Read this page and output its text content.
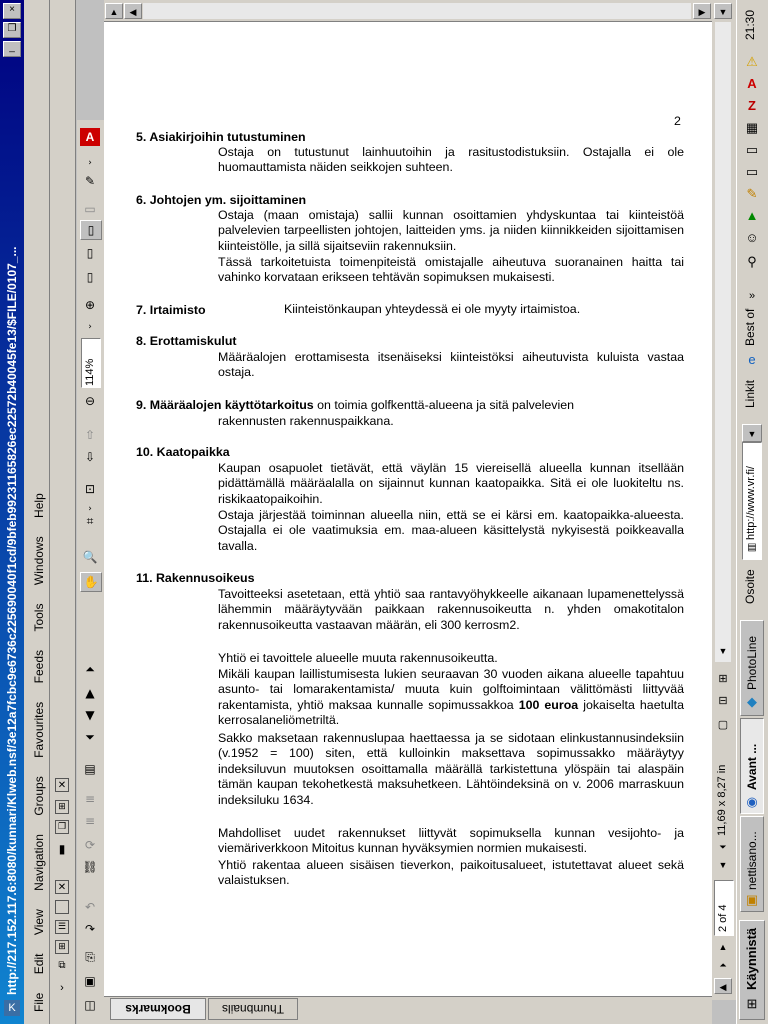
×
❐
_
http://217.152.117.6:8080/kunnari/Klweb.nsf/3e12a7fcbc9e6736c225690040f1cd/9bfeb99231165826ec22572b40045fe13/$FILE/0107_...
K	File Edit View Navigation Groups Favourites Feeds Tools Windows Help
⊞
✕
❐
▮
✕
☰
⊞
⧉
›
A
›
✎
▭
▯
▯
▯
⊕
›
114%
⊖
⇧
⇩
⊡
›
⌗
🔍
✋
⏶
▲
▼
⏷
▤
≡
≡
⟳
⛓
↶
↷
⎘
▣
◫
▲	◀	▶	▼
▼
⊞
⊟
▢
11,69 x 8,27 in
⏷
▼
2 of 4
▲
⏶
◀
Bookmarks	Thumbnails
21:30
⚠
A
Z
▦
▭
▭
✎
▲
☺
⚲
»
Best of
e
Linkit
▼
http://www.vr.fi/
▤
Osoite
PhotoLine
◆
Avant ...
◉
nettisano...
▣
Käynnistä
⊞
2
5. Asiakirjoihin tutustuminen
Ostaja on tutustunut lainhuutoihin ja rasitustodistuksiin. Ostajalla ei ole huomauttamista näiden seikkojen suhteen.
6. Johtojen ym. sijoittaminen
Ostaja (maan omistaja) sallii kunnan osoittamien yhdyskuntaa tai kiinteistöä palvelevien tarpeellisten johtojen, laitteiden yms. ja niiden kiinnikkeiden sijoittamisen kiinteistölle, ja sillä sijaitseviin rakennuksiin.
Tässä tarkoitetuista toimenpiteistä omistajalle aiheutuva suoranainen haitta tai vahinko korvataan erikseen tehtävän sopimuksen mukaisesti.
7. Irtaimisto	Kiinteistönkaupan yhteydessä ei ole myyty irtaimistoa.
8. Erottamiskulut
Määräalojen erottamisesta itsenäiseksi kiinteistöksi aiheutuvista kuluista vastaa ostaja.
9. Määräalojen käyttötarkoitus on toimia golfkenttä-alueena ja sitä palvelevien
rakennusten rakennuspaikkana.
10. Kaatopaikka
Kaupan osapuolet tietävät, että väylän 15 viereisellä alueella kunnan itsellään pidättämällä määräalalla on sijainnut kunnan kaatopaikka. Sitä ei ole luokiteltu ns. riskikaatopaikoihin.
Ostaja järjestää toiminnan alueella niin, että se ei kärsi em. kaatopaikka-alueesta. Ostajalla ei ole vaatimuksia em. maa-alueen käsittelystä nykyisestä poikkeavalla tavalla.
11. Rakennusoikeus
Tavoitteeksi asetetaan, että yhtiö saa rantavyöhykkeelle aikanaan lupamenettelyssä lähemmin määräytyvään paikkaan rakennusoikeutta n. yhden omakotitalon rakennusoikeutta vastaavan määrän, eli 300 kerrosm2.
Yhtiö ei tavoittele alueelle muuta rakennusoikeutta.
Mikäli kaupan laillistumisesta lukien seuraavan 30 vuoden aikana alueelle tapahtuu asunto- tai lomarakentamista/ muuta kuin golftoimintaan välittömästi liittyvää rakentamista, yhtiö maksaa kunnalle sopimussakkoa 100 euroa jokaiselta haetulta kerrosalaneliömetriltä.
Sakko maksetaan rakennuslupaa haettaessa ja se sidotaan elinkustannusindeksiin (v.1952 = 100) siten, että kulloinkin maksettava sopimussakko määräytyy indeksiluvun muutoksen osoittamalla määrällä tarkistettuna ylöspäin tai alaspäin tämän kaupan tekohetkestä maksuhetkeen. Lähtöindeksinä on v. 2006 marraskuun indeksiluku 1634.
Mahdolliset uudet rakennukset liittyvät sopimuksella kunnan vesijohto- ja viemäriverkkoon Mitoitus kunnan hyväksymien normien mukaisesti.
Yhtiö rakentaa alueen sisäisen tieverkon, paikoitusalueet, istutettavat alueet sekä valaistuksen.
